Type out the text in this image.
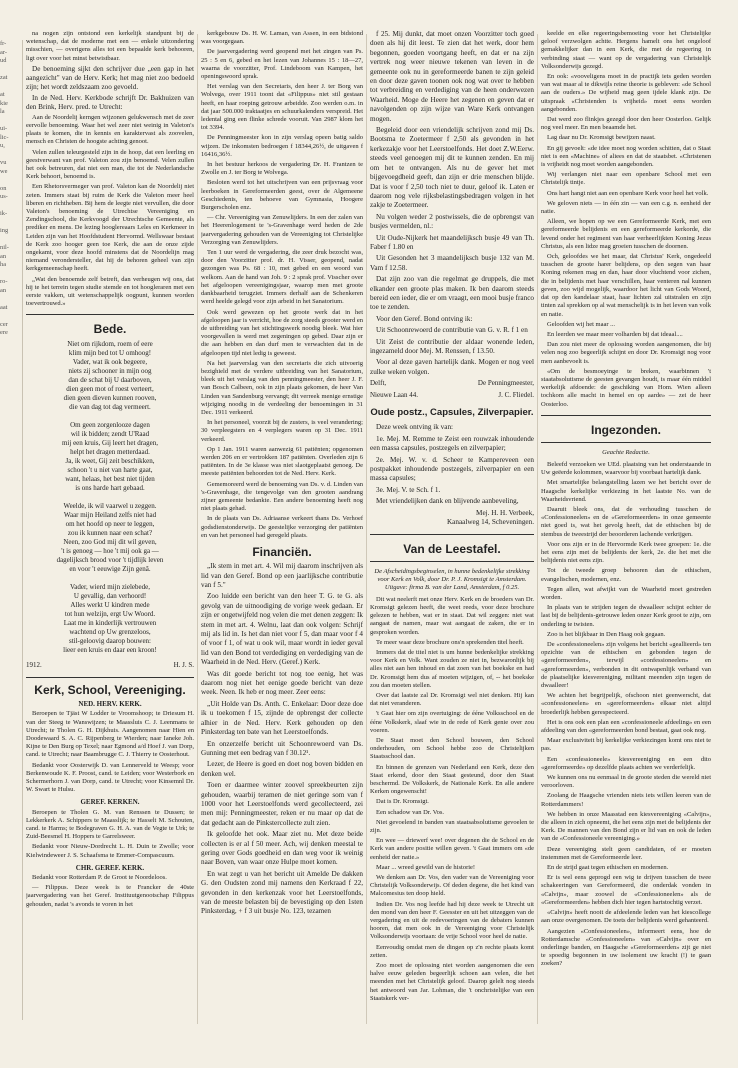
fr-
ar-
ud

zat

at
kie
la

ui-
lic-
u,

vu
we

on
us-

ik-

ing

nil-
an
ha

ro-
an

aat

cer
ere

na nogen zijn ontstond een kerkelijk standpunt bij de wetenschap, dat de moderne met een — enkele uitzondering misschien, — overigens alles tot een bepaalde kerk behooren, ligt over voor het minst betwistbaar.

De benoeming sijkt den schrijver due „een gap in het aangezicht" van de Herv. Kerk; het mag niet zoo bedoeld zijn; het wordt zeldszaam zoo gevoeld.

In de Ned. Herv. Kerkbode schrijft Dr. Bakhuizen van den Brink, Herv. pred. te Utrecht:

Aan de Noordelij kerngen wijzonen gelukwensch met de zeer eervolle benoeming. Waar het wel zeer niet weinig in Valeton's plaats te komen, die in kennis en karaktervast als zoovelen, mensch en Christen de hoogste achting genoot.

Velen zullen teleurgesteld zijn in de hoop, dat een leerling en geestverwant van prof. Valeton zou zijn benoemd. Velen zullen het ook betreuren, dat niet een man, die tot de Nederlandsche Kerk behoort, benoemd is.

Een Rhetorsvermeger van prof. Valeton kan de Noordelij niet zeten. Immers staat bij ruim de Kerk die Valeton meer heel liberen en richtheben. Bij hem de leegte niet vervullen, die door Valeton's benoeming de Utrechtse Vereeniging en Zendingschool, die Kerkvoogd der Utrechtsche Gemeente, als prediker en mens. De lezing hooglereaars Leles en Kerkmeer in Leiden zijn van het Hoofdstudent Hervormd. Wellswaar bestaat de Kerk zoo hooger geen toe Kerk, die aan de onze zijde ongekamt, voor deze hoofd minstens dat de Noordelijn mag niemand verondersteller, dat hij de behoren geheel van zijn kerkgemeenschap heeft.

„Wat den benoemde zelf betreft, dan verheugen wij ons, dat hij te het terrein tegen studie stemde en tot hoogleraren met een eerste vakken, uit wetenschappelijk oogpunt, kunnen worden toevertrouwd.»

Bede.
Niet om rijkdom, roem of eere
klim mijn bed tot U omhoog!
Vader, wat ik ook begeere,
niets zij schooner in mijn oog
dan de schat bij U daarboven,
dien geen mot of roest verteert,
dien geen dieven kunnen rooven,
die van dag tot dag vermeert.

Om geen zorgenlooze dagen
wil ik bidden; zendt U'Raad
mij een kruis, Gij leert het dragen,
helpt het dragen metterdaad.
Ja, ik weet, Gij zeit beschikken,
schoon 't u niet van harte gaat,
want, helaas, het best niet tijden
is ons harde hart gebaad.

Weelde, ik wil vaarwel u zeggen.
Waar mijn Heiland zelfs niet had
om het hoofd op neer te leggen,
zou ik kunnen naar een schat?
Neen, zoo God mij dit wil geven,
't is genoeg — hoe 't mij ook ga —
dagelijksch brood voor 't tijdlijk leven
en voor 't eeuwige Zijn genâ.

Vader, wierd mijn zielebede,
U gevallig, dan verhoord!
Alles werkt U kindren mede
tot hun welzijn, ergt Uw Woord.
Laat me in kinderlijk vertrouwen
wachtend op Uw grenzeloos,
stil-geloovig daarop bouwen:
lieer een kruis en daar een kroon!
1912.	H. J. S.
Kerk, School, Vereeniging.
NED. HERV. KERK.

Beroepen te Tjäst W Lodder te Vroomshoop; te Driesum H. van der Steeg te Wanswijzen; te Maassluis C. J. Leenmans te Utrecht; te Tholen G. H. Dijkhuis. Aangenomen naar Hien en Doodewaard S. A. C. Rijpenberg te Wierden; naar Ianeke Joh. Kijne te Den Burg op Texel; naar Egmond a/d Hoef J. van Dorp, cand. te Utrecht; naar Baambrugge C. J. Thierry te Oosterhout.

Bedankt voor Oosterwijk D. van Lennerveld te Weesp; voor Berkenwoude K. F. Proost, cand. te Leiden; voor Westerbork en Schermerhorn J. van Dorp, cand. te Utrecht; voor Kinsemnl Dr. W. Swart te Hulsu.

GEREF. KERKEN.

Beroepen te Tholen G. M. van Renssen te Dussen; te Lekkerkerk A. Schippers te Maasslijk; te Hasselt M. Schouten, cand. te Harms; te Bodegraven G. H. A. van de Vegte te Urk; te Zuid-Beesmel H. Hoppers te Garrelsweer.

Bedankt voor Nieuw-Dordrecht L. H. Duin te Zwolle; voor Kielwindeweer J. S. Schaafsma te Emmer-Compascuum.

CHR. GEREF. KERK.

Bedankt voor Rotterdam P. de Groot te Noordeloos.

— Filippus. Deze week is te Francker de 40ste jaarvergadering van het Geref. Instituutgenootschap Filippus gehouden, nadat 's avonds te voren in het

kerkgebouw Ds. H. W. Laman, van Assen, in een bidstond was voorgegaan.

De jaarvergadering werd geopend met het zingen van Ps. 25 : 5 en 6, gebed en het lezen van Johannes 15 : 18—27, waarna de voorzitter, Prof. Lindeboom van Kampen, het openingswoord sprak.

Het verslag van den Secretaris, den heer J. ter Borg van Wolvega, over 1911 toont dat «Filippus» niet stil gestaan heeft, en haar roeping getrouw arbeidde. Zoo werden o.m. in dat jaar 500.000 traktaatjes en schuurkalenders verspreid. Het ledental ging een flinke schrede vooruit. Van 2987 klom het tot 3394.

De Penningmeester kon in zijn verslag opeen batig saldo wijzen. De inkomsten bedroegen f 18344,26½, de uitgaven f 16416,36½.

In het bestuur herkoos de vergadering Dr. H. Frantzen te Zwolle en J. ter Borg te Wolvega.

Besloten werd tot het uitschrijven van een prijsvraag voor leerboeken in Gereformeerden geest, over de Algemeene Geschiedenis, ten behoeve van Gymnasia, Hoogere Burgerscholen enz.

— Chr. Vereeniging van Zenuwlijders. In een der zalen van het Heerenlogement te 's-Gravenhage werd heden de 2de jaarvergadering gehouden van de Vereeniging tot Christelijke Verzorging van Zenuwlijders.

Ten 1 uur werd de vergadering, die zeer druk bezocht was, door den Voorzitter prof. dr. H. Visser, geopend, nadat gezongen was Ps. 68 : 10, met gebed en een woord van welkom. Aan de hand van Joh. 9 : 2 sprak prof. Visscher over het afgeloopen vereenigingsjaar, waarop men met groote dankbaarheid terugziet. Immers derhalf aan de Schenkeren werd heelde gelegd voor zijn arbeid in het Sanatorium.

Ook werd gewezen op het groote werk dat in het afgeloopen jaar is verricht, hoe de zorg steeds grooter werd en de uitbreiding van het stichtingswerk noodig bleek. Wat hier voorgevallen is werd met zegeningen op gebed. Daar zijn er die aan hebben en dan durf men te verwachten dat in de afgeloopen tijd niet ledig is geweest.

Na het jaarverslag van den secretaris die zich uitvoerig bezighield met de verdere uitbreiding van het Sanatorium, bleek uit het verslag van den penningmeester, den heer J. F. van Bosch Calbeen, ook in zijn plaats gekomen, de heer Van Linden van Sandenburg vervangt; dit verreek menige ernstige wijziging noodig in de verdeeling der benoemingen in 31 Dec. 1911 verkeerd.

In het personeel, voorzit bij de zusters, is veel verandering; 30 verpleegsters en 4 verplegers waren op 31 Dec. 1911 verkeerd.

Op 1 Jan. 1911 waren aanwezig 61 patiënten; opgenomen werden 206 en er vertrokken 187 patiënten. Overleden zijn 6 patiënten. In de 3e klasse was niet slaotgeplaatst genoeg. De meeste patiënten behoorden tot de Ned. Herv. Kerk.

Gememoreerd werd de benoeming van Ds. v. d. Linden van 's-Gravenhage, die tengevolge van den grooten aandrang zijner gemeente bedankte. Een andere benoeming heeft nog niet plaats gehad.

In de plaats van Ds. Adriaanse verkeert thans Ds. Verhoef godsdienstonderwijs. De geestelijke verzorging der patiënten en van het personeel had geregeld plaats.

Financiën.

„Ik stem in met art. 4. Wil mij daarom inschrijven als lid van den Geref. Bond op een jaarlijksche contributie van f 5."

Zoo luidde een bericht van den heer T. G. te G. als gevolg van de uitnoodiging de vorige week gedaan. Er zijn er ongetwijfeld nog velen die met denen zeggen: Ik stem in met art. 4. Welnu, laat dan ook volgen: Schrijf mij als lid in. Is het dan niet voor f 5, dan maar voor f 4 of voor f 1, of wat u ook wil, maar wordt in ieder geval lid van den Bond tot verdediging en verdediging van de Waarheid in de Ned. Herv. (Geref.) Kerk.

Was dit goede bericht tot nog toe eenig, het was daarom nog niet het eenige goede bericht van deze week. Neen. Ik heb er nog meer. Zeer eens:

„Uit Holde van Ds. Anth. C. Enkelaar: Door deze doe ik u toekomen f 15, zijnde de opbrengst der collecte alhier in de Ned. Herv. Kerk gehouden op den Pinksterdag ten bate van het Leerstoelfonds.

En onzerzelfe bericht uit Schoonrewoerd van Ds. Gunning met een bedrag van f 30.12¹.

Lezer, de Heere is goed en doet nog boven bidden en denken wel.

Toen er daarmee winter zoovel spreekbeurten zijn gehouden, waarbij teramen de niet geringe som van f 1000 voor het Leerstoelfonds werd gecollecteerd, zei men mij: Penningmeester, reken er nu maar op dat de dat gedacht aan de Pinkstercollecte zult zien.

Ik geloofde het ook. Maar ziet nu. Met deze beide collecten is er al f 50 meer. Ach, wij denken meestal te gering over Gods goedheid en dan weg voor ik weinig naar Boven, van waar onze Hulpe moet komen.

En wat zegt u van het bericht uit Amelde De dakken G. den Oudsten zond mij namens den Kerkraad f 22, gevonden in den kerkenzak voor het Leerstoelfonds, van de meeste belasten bij de bevestiging op den 1sten Pinksterdag, + f 3 uit busje No. 123, tezamen

f 25. Mij dunkt, dat moet onzen Voorzitter toch goed doen als hij dit leest. Te zien dat het werk, door hem begonnen, goeden voortgang heeft, en dat er na zijn vertrek nog weer nieuwe tekenen van leven in de gemeente ook nu in gereformeerde banen te zijn geleid en door deze gaven toonen ook nog wat over te hebben tot verbreiding en verdediging van de heen onderwezen Waarheid. Moge de Heere het zegenen en geven dat er navolgenden op zijn wijze van Ware Kerk ontvangen mogen.

Begeleid door een vriendelijk schrijven zond mij Ds. Bootsma te Zoetermeer f 2,50 als gevonden in het kerkezakje voor het Leerstoelfonds. Het doet Z.W.Eerw. steeds veel genoegen mij dit te kunnen zenden. En mij om het te ontvangen. Als nu de gever het met bijgevoegdheid geeft, dan zijn er drie menschen blijde. Dat is voor f 2,50 toch niet te duur, geloof ik. Laten er daarom nog vele rijksbelastingsbedragen volgen in het zakje te Zoetermeer.

Nu volgen weder 2 postwissels, die de opbrengst van busjes vermelden, nl.:

Uit Oude-Nijkerk het maandelijksch busje 49 van Th. Faber f 1.80 en

Uit Gesonden het 3 maandelijksch busje 132 van M. Vam f 12.58.

Dat zijn zoo van die regelmat ge druppels, die met elkander een groote plas maken. Ik ben daarom steeds bereid een ieder, die er om vraagt, een mooi busje franco toe te zenden.

Voor den Geref. Bond ontving ik:

Uit Schoonrewoerd de contributie van G. v. R. f 1 en

Uit Zeist de contributie der aldaar wonende leden, ingezameld door Mej. M. Renssen, f 13.50.

Voor al deze gaven hartelijk dank. Mogen er nog veel zulke weken volgen.

Delft,	De Penningmeester,
Nieuwe Laan 44.	J. C. Fliedel.
Oude postz., Capsules, Zilverpapier.

Deze week ontving ik van:

1e. Mej. M. Remme te Zeist een rouwzak inhoudende een massa capsules, postzegels en zilverpapier;

2e. Mej. W. v. d. Scheer te Kampereveen een postpakket inhoudende postzegels, zilverpapier en een massa capsules;

3e. Mej. V. te Sch. f 1.

Met vriendelijken dank en blijvende aanbeveling,

Mej. H. H. Verbeek,
Kanaalweg 14, Scheveningen.
Van de Leestafel.
De Afscheidingsbeginselen, in hunne bedenkelijke strekking voor Kerk en Volk, door Dr. P. J. Kromsigt te Amsterdam. Uitgave: firma B. van der Land, Amsterdam, f 0.25.

Dit wat neelerft met onze Herv. Kerk en de broeders van Dr. Kromsigt gelezen heeft, die weet reeds, voor deze brochure gelezen te hebben, wat er in staat. Dat wil zeggen: niet wat aangaat de namen, maar wat aangaat de zaken, die er in gesproken worden.

Te meer waar deze brochure ons'n sprekenden titel heeft.

Immers dat de titel niet is um hunne bedenkelijke strekking voor Kerk en Volk. Want zouden ze niet in, bezwaronlijk bij alles niet aan hen inhoud en dat zoen van het boekske en had Dr. Kromsigt hem dus af moeten wijzigen, of, -- het boekske zou dan moeten stellen.

Over dat laatste zal Dr. Kromsigt wel niet denken. Hij kan dat niet veranderen.

't Gaat hier om zijn overtuiging: de ééne Volksschool en de ééne Volkskerk, slaaf wie in de rede of Kerk genie over zou voeren.

De Staat moet den School bouwen, den School onderhouden, om School hebbe zoo de Christelijken Staatsschool dan.

En binnen de grenzen van Nederland een Kerk, deze den Staat erkend, door den Staat gesteund, door den Staat beschermd. De Volkskerk, de Nationale Kerk. En alle andere Kerken ongewenscht!

Dat is Dr. Kromsigt.

Een schadow van Dr. Vos.

Niet gevoelend in banden van staatsabsolutisme gevoelen te zijn.

En wee — driewerf wee! over degenen die de School en de Kerk van andere positie willen geven. 't Gaat immers om «de eenheid der natie.»

Maar ... wreed gewild van de historie!

We denken aan Dr. Vos, den vader van de Vereeniging voor Christelijk Volksonderwijs. Of deden degene, die het kind van Malcomesius ten doop hield.

Indien Dr. Vos nog leefde had hij deze week te Utrecht uit den mond van den heer F. Geesster en uit het uitzeggen van de vergadering en uit de redevoeringen van de debaters kunnen hooren, dat men ook in de Vereeniging voor Christelijk Volksonderwijs voortaan: de vrije School voor heel de natie.

Eenvoudig omdat men de dingen op z'n rechte plaats komt zetten.

Zoo moet de oplossing niet worden aangenomen die een halve eeuw geleden begeerlijk schoen aan velen, die het meenden met het Christelijk geloof. Daarop gelelt nog steeds het antwoord van Jar. Lohman, die 't onchristelijke van een Staatskerk ver-

keelde en elke regeeringsbemoeiing voor het Christelijke geloof verzwolgen achtte. Hergens hamelt ons het ongeloof gemakkelijker dan in een Kerk, die met de regeering in verbinding staat — want op de vergadering van Christelijk Volksonderwijs gezegd.

En ook: «vooveligens moet in de practijk iets geden worden van wat maar al te dikwijls reine theorie is gebleven: «de School aan de ouders.» De wijheid mag geen ijdele klank zijn. De uitspraak «Christenden is vrijheid» moet eens worden aangebonden.

Dat werd zoo flinkjes gezegd door den heer Oosterloo. Gelijk nog veel meer. En men beaamde het.

Lag daar nu Dr. Kromsigt bewijzen naast.

En gij gevoelt: «de idee moet nog worden schitten, dat o Staat niet is een «Machine» of aliees en dat de staatsbet. «Christenen is vrijheidt nog moet worden aangebonden.

Wij verlangen niet naar een openbare School met een Christelijk tintje.

Ons hart hangt niet aan een openbare Kerk voor heel het volk.

We geloven niets — in één zin — van een c.g. n. eenheid der natie.

Alleen, we hopen op we een Gereformeerde Kerk, met een gereformeerde belijdenis en een gereformeerde kerkorde, die levend onder het regiment van haar verheerlijkten Koning Jezus Christus, als een lidze mag groeien tusschen de doornen.

Och, geloofdes we het maar, dat Christus' Kerk, ongedeeld tusschen de groote harer belijdens, op den segen van haar Koning rekenen mag en dan, haar door vluchtend voor zichen, die in belijdenis met haar verschillen, haar venteren nal kunnen geven, zoo wijd mogelijk, waardoor het licht van Gods Woord, dat op den kandelaar staat, haar lichten zal uitstralen en zijn tinten zal sprekken op al wat menschelijk is in het leven van volk en natie.

Geloofden wij het maar ...

En leerden we maar meer volharden bij dat ideaal....

Dan zou niet meer de oplossing worden aangenomen, die bij velen nog zoo begeerlijk schijnt en door Dr. Kromsigt nog voor men aanbevoelt is.

«Om de besmoeyinge te breken, waarbinnen 't staatabsolutisme de geesten gevangen houdt, is maar één middel werkelijk afdoende: de geschiking van Hom. Wien alleen tochkom alle macht in hemel en op aarde» — zei de heer Oosterloo.

Ingezonden.
Geachte Redactie.

Beleefd verzoeken we UEd. plaatsing van het onderstaande in Uw geëerde kolommen, waarvoor bij voorbaat hartelijk dank.

Met smartelijke belangstelling lazen we het bericht over de Haagsche kerkelijke verkiezing in het laatste No. van de Waarheidsvriend.

Daaruit bleek ons, dat de verhouding tusschen de «Confessioneelen» en de «Gereformeerden» in onze gemeente niet goed is, wat het gevolg heeft, dat de ethischen bij de stembus de tweestrijd der beoorderen lachende verkrijgen.

Voor ons zijn er in de Hervormde Kerk twee groepen: 1e. die het eens zijn met de belijdenis der kerk, 2e. die het met die belijdenis niet eens zijn.

Tot de tweede groep behooren dan de ethischen, evangelischen, modernen, enz.

Tegen allen, wat afwijkt van de Waarheid moet gestreden worden.

In plaats van te strijden tegen de dwaalleer schijnt echter de last bij de belijdenis-getrouwe leden onzer Kerk groot te zijn, om onderling te twisten.

Zoo is het blijkbaar in Den Haag ook gegaan.

De «confessioneelen» zijn volgens het bericht «geallieerd» ten opzichte van de ethischen en gebonden tegen de «gereformeerden», terwijl «confessioneelen» en «gereformeerden», verbonden in dit ontwapenlijk verband van de plaatselijke kiesvereniging, militant meenden zijn tegen de dwaalleer!

We achten het begrijpelijk, ofschoon niet geenwerscht, dat «confessioneelen» en «gereformeerden» elkaar niet altijd broederlijk hebben gerespecteerd.

Het is ons ook een plan een «confessioneele afdeeling» en een afdeeling van den «gereformeerden bond bestaat, gaat ook nog.

Maar exclusiviteit bij kerkelijke verkiezingen komt ons niet te pas.

Een «confessioneele» kiesvereeniging en een dito «gereformeerde» op dezelfde plaats achten we verderfelijk.

We kunnen ons nu eenmaal in de groote steden die wereld niet veroorloven.

Zoolang de Haagsche vrienden niets iets willen leeren van de Rotterdammers!

We hebben in onze Maasstad een kiesvereeniging «Calvijn», die alleen in zich opneemt, die het eens zijn met de belijdenis der Kerk. De mannen van den Bond zijn er lid van en ook de leden van de «Confessioneele vereeniging.»

Deze vereeniging stelt geen candidaten, of er moeten instemmen met de Gereformeerde leer.

En de strijd gaat tegen ethischen en modernen.

Er is wel eens geprogd een wig te drijven tusschen de twee schakeeringen van Gereformeerd, die onderdak vonden in «Calvijn», maar zoowel de «Confessioneelen» als de «Gereformeerden» hebben dich hier tegen hartstochtig verzet.

«Calvijn» heeft nooit de afdeelende leden van het kiescollege aan onze overgenomen. De toets der belijdenis werd gehanteerd.

Aangezien «Confessioneelen», informeert eens, hoe de Rotterdamsche «Confessioneelen» van «Calvijn» over en onderlinge banden, en Haagsche «Gereformeerden» zijt ge niet te spoedig begonnen in uw isolement uw kracht (!) te gaan zoeken?
